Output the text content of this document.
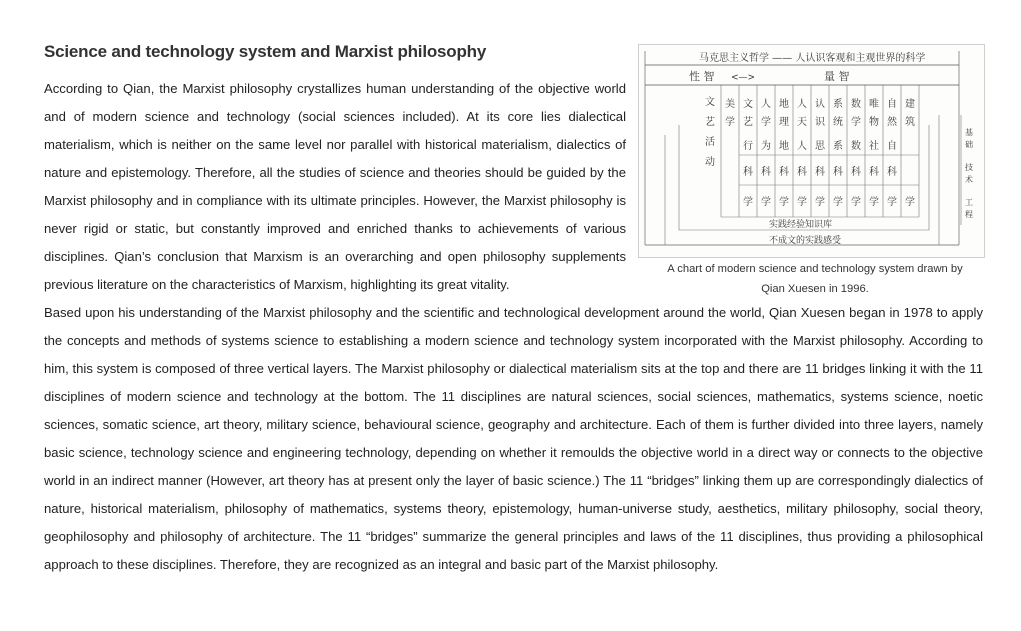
Science and technology system and Marxist philosophy
According to Qian, the Marxist philosophy crystallizes human understanding of the objective world and of modern science and technology (social sciences included). At its core lies dialectical materialism, which is neither on the same level nor parallel with historical materialism, dialectics of nature and epistemology. Therefore, all the studies of science and theories should be guided by the Marxist philosophy and in compliance with its ultimate principles. However, the Marxist philosophy is never rigid or static, but constantly improved and enriched thanks to achievements of various disciplines. Qian’s conclusion that Marxism is an overarching and open philosophy supplements previous literature on the characteristics of Marxism, highlighting its great vitality.
马克思主义哲学 —— 人认识客观和主观世界的科学
性 智 <—>	量 智
文
艺
活
动
美
学
文
艺
人
学
地
理
人
天
认
识
系
统
数
学
唯
物
自
然
建
筑
行 为 地 人 思 系 数 社 自
科 科 科 科 科 科 科 科 科
学 学 学 学 学 学 学 学 学 学
实践经验知识库
不成文的实践感受
基
础
技
术
工
程
A chart of modern science and technology system drawn by Qian Xuesen in 1996.
Based upon his understanding of the Marxist philosophy and the scientific and technological development around the world, Qian Xuesen began in 1978 to apply the concepts and methods of systems science to establishing a modern science and technology system incorporated with the Marxist philosophy. According to him, this system is composed of three vertical layers. The Marxist philosophy or dialectical materialism sits at the top and there are 11 bridges linking it with the 11 disciplines of modern science and technology at the bottom. The 11 disciplines are natural sciences, social sciences, mathematics, systems science, noetic sciences, somatic science, art theory, military science, behavioural science, geography and architecture. Each of them is further divided into three layers, namely basic science, technology science and engineering technology, depending on whether it remoulds the objective world in a direct way or connects to the objective world in an indirect manner (However, art theory has at present only the layer of basic science.) The 11 “bridges” linking them up are correspondingly dialectics of nature, historical materialism, philosophy of mathematics, systems theory, epistemology, human-universe study, aesthetics, military philosophy, social theory, geophilosophy and philosophy of architecture. The 11 “bridges” summarize the general principles and laws of the 11 disciplines, thus providing a philosophical approach to these disciplines. Therefore, they are recognized as an integral and basic part of the Marxist philosophy.
